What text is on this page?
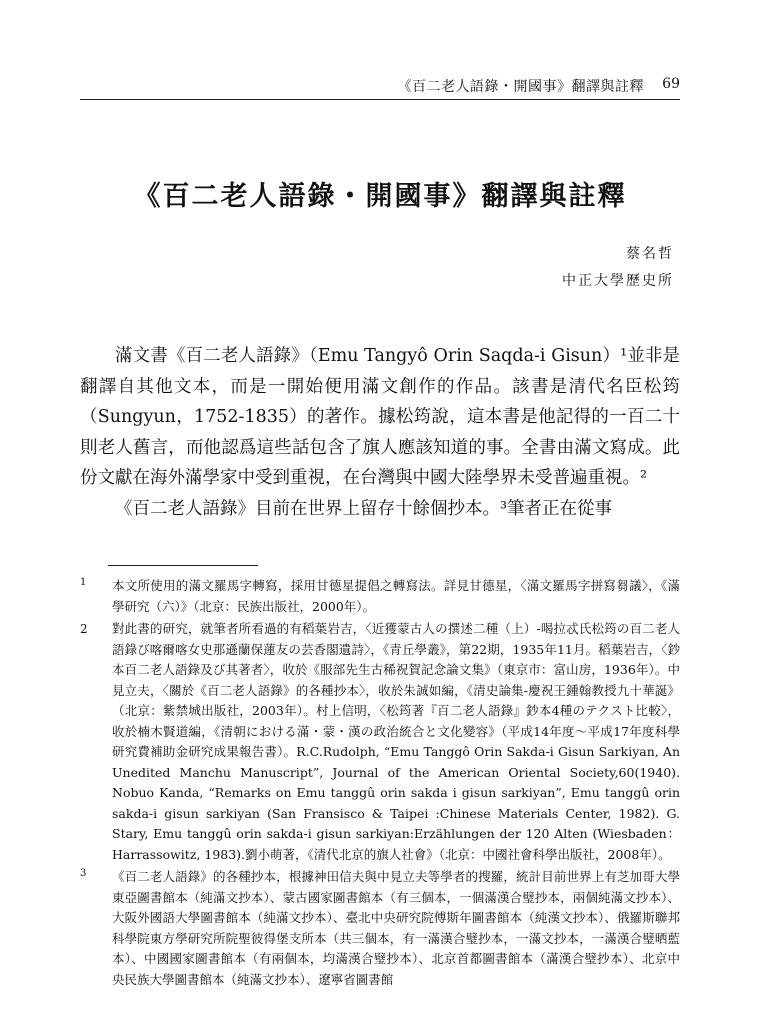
《百二老人語錄・開國事》翻譯與註釋 69
《百二老人語錄・開國事》翻譯與註釋
蔡名哲
中正大學歷史所

滿文書《百二老人語錄》（Emu Tangyô Orin Saqda-i Gisun）¹並非是翻譯自其他文本，而是一開始便用滿文創作的作品。該書是清代名臣松筠（Sungyun，1752-1835）的著作。據松筠說，這本書是他記得的一百二十則老人舊言，而他認爲這些話包含了旗人應該知道的事。全書由滿文寫成。此份文獻在海外滿學家中受到重視，在台灣與中國大陸學界未受普遍重視。²

《百二老人語錄》目前在世界上留存十餘個抄本。³筆者正在從事

1 本文所使用的滿文羅馬字轉寫，採用甘德星提倡之轉寫法。詳見甘德星，〈滿文羅馬字拼寫芻議〉，《滿學研究（六）》（北京：民族出版社，2000年）。
2 對此書的研究，就筆者所看過的有稻葉岩吉，〈近獲蒙古人の撰述二種（上）-喝拉忒氏松筠の百二老人語錄び喀爾喀女史那遜蘭保蓮友の芸香閣遺詩〉，《青丘學叢》，第22期，1935年11月。稻葉岩吉，〈鈔本百二老人語錄及び其著者〉，收於《服部先生古稀祝賀記念論文集》（東京市：富山房，1936年）。中見立夫，〈關於《百二老人語錄》的各種抄本〉，收於朱誠如編，《清史論集-慶祝王鍾翰教授九十華誕》（北京：紫禁城出版社，2003年）。村上信明，〈松筠著『百二老人語錄』鈔本4種のテクスト比較〉，收於楠木賢道編，《清朝における滿・蒙・漢の政治統合と文化變容》（平成14年度〜平成17年度科學研究費補助金研究成果報告書）。R.C.Rudolph, “Emu Tanggô Orin Sakda-i Gisun Sarkiyan, An Unedited Manchu Manuscript”, Journal of the American Oriental Society,60(1940). Nobuo Kanda, “Remarks on Emu tanggû orin sakda i gisun sarkiyan”, Emu tanggû orin sakda-i gisun sarkiyan (San Fransisco & Taipei :Chinese Materials Center, 1982). G. Stary, Emu tanggû orin sakda-i gisun sarkiyan:Erzählungen der 120 Alten (Wiesbaden：Harrassowitz, 1983).劉小萌著，《清代北京的旗人社會》（北京：中國社會科學出版社，2008年）。
3 《百二老人語錄》的各種抄本，根據神田信夫與中見立夫等學者的搜羅，統計目前世界上有芝加哥大學東亞圖書館本（純滿文抄本）、蒙古國家圖書館本（有三個本，一個滿漢合璧抄本，兩個純滿文抄本）、大阪外國語大學圖書館本（純滿文抄本）、臺北中央研究院傅斯年圖書館本（純漢文抄本）、俄羅斯聯邦科學院東方學研究所院聖彼得堡支所本（共三個本，有一滿漢合璧抄本，一滿文抄本，一滿漢合璧晒藍本）、中國國家圖書館本（有兩個本，均滿漢合璧抄本）、北京首都圖書館本（滿漢合璧抄本）、北京中央民族大學圖書館本（純滿文抄本）、遼寧省圖書館
